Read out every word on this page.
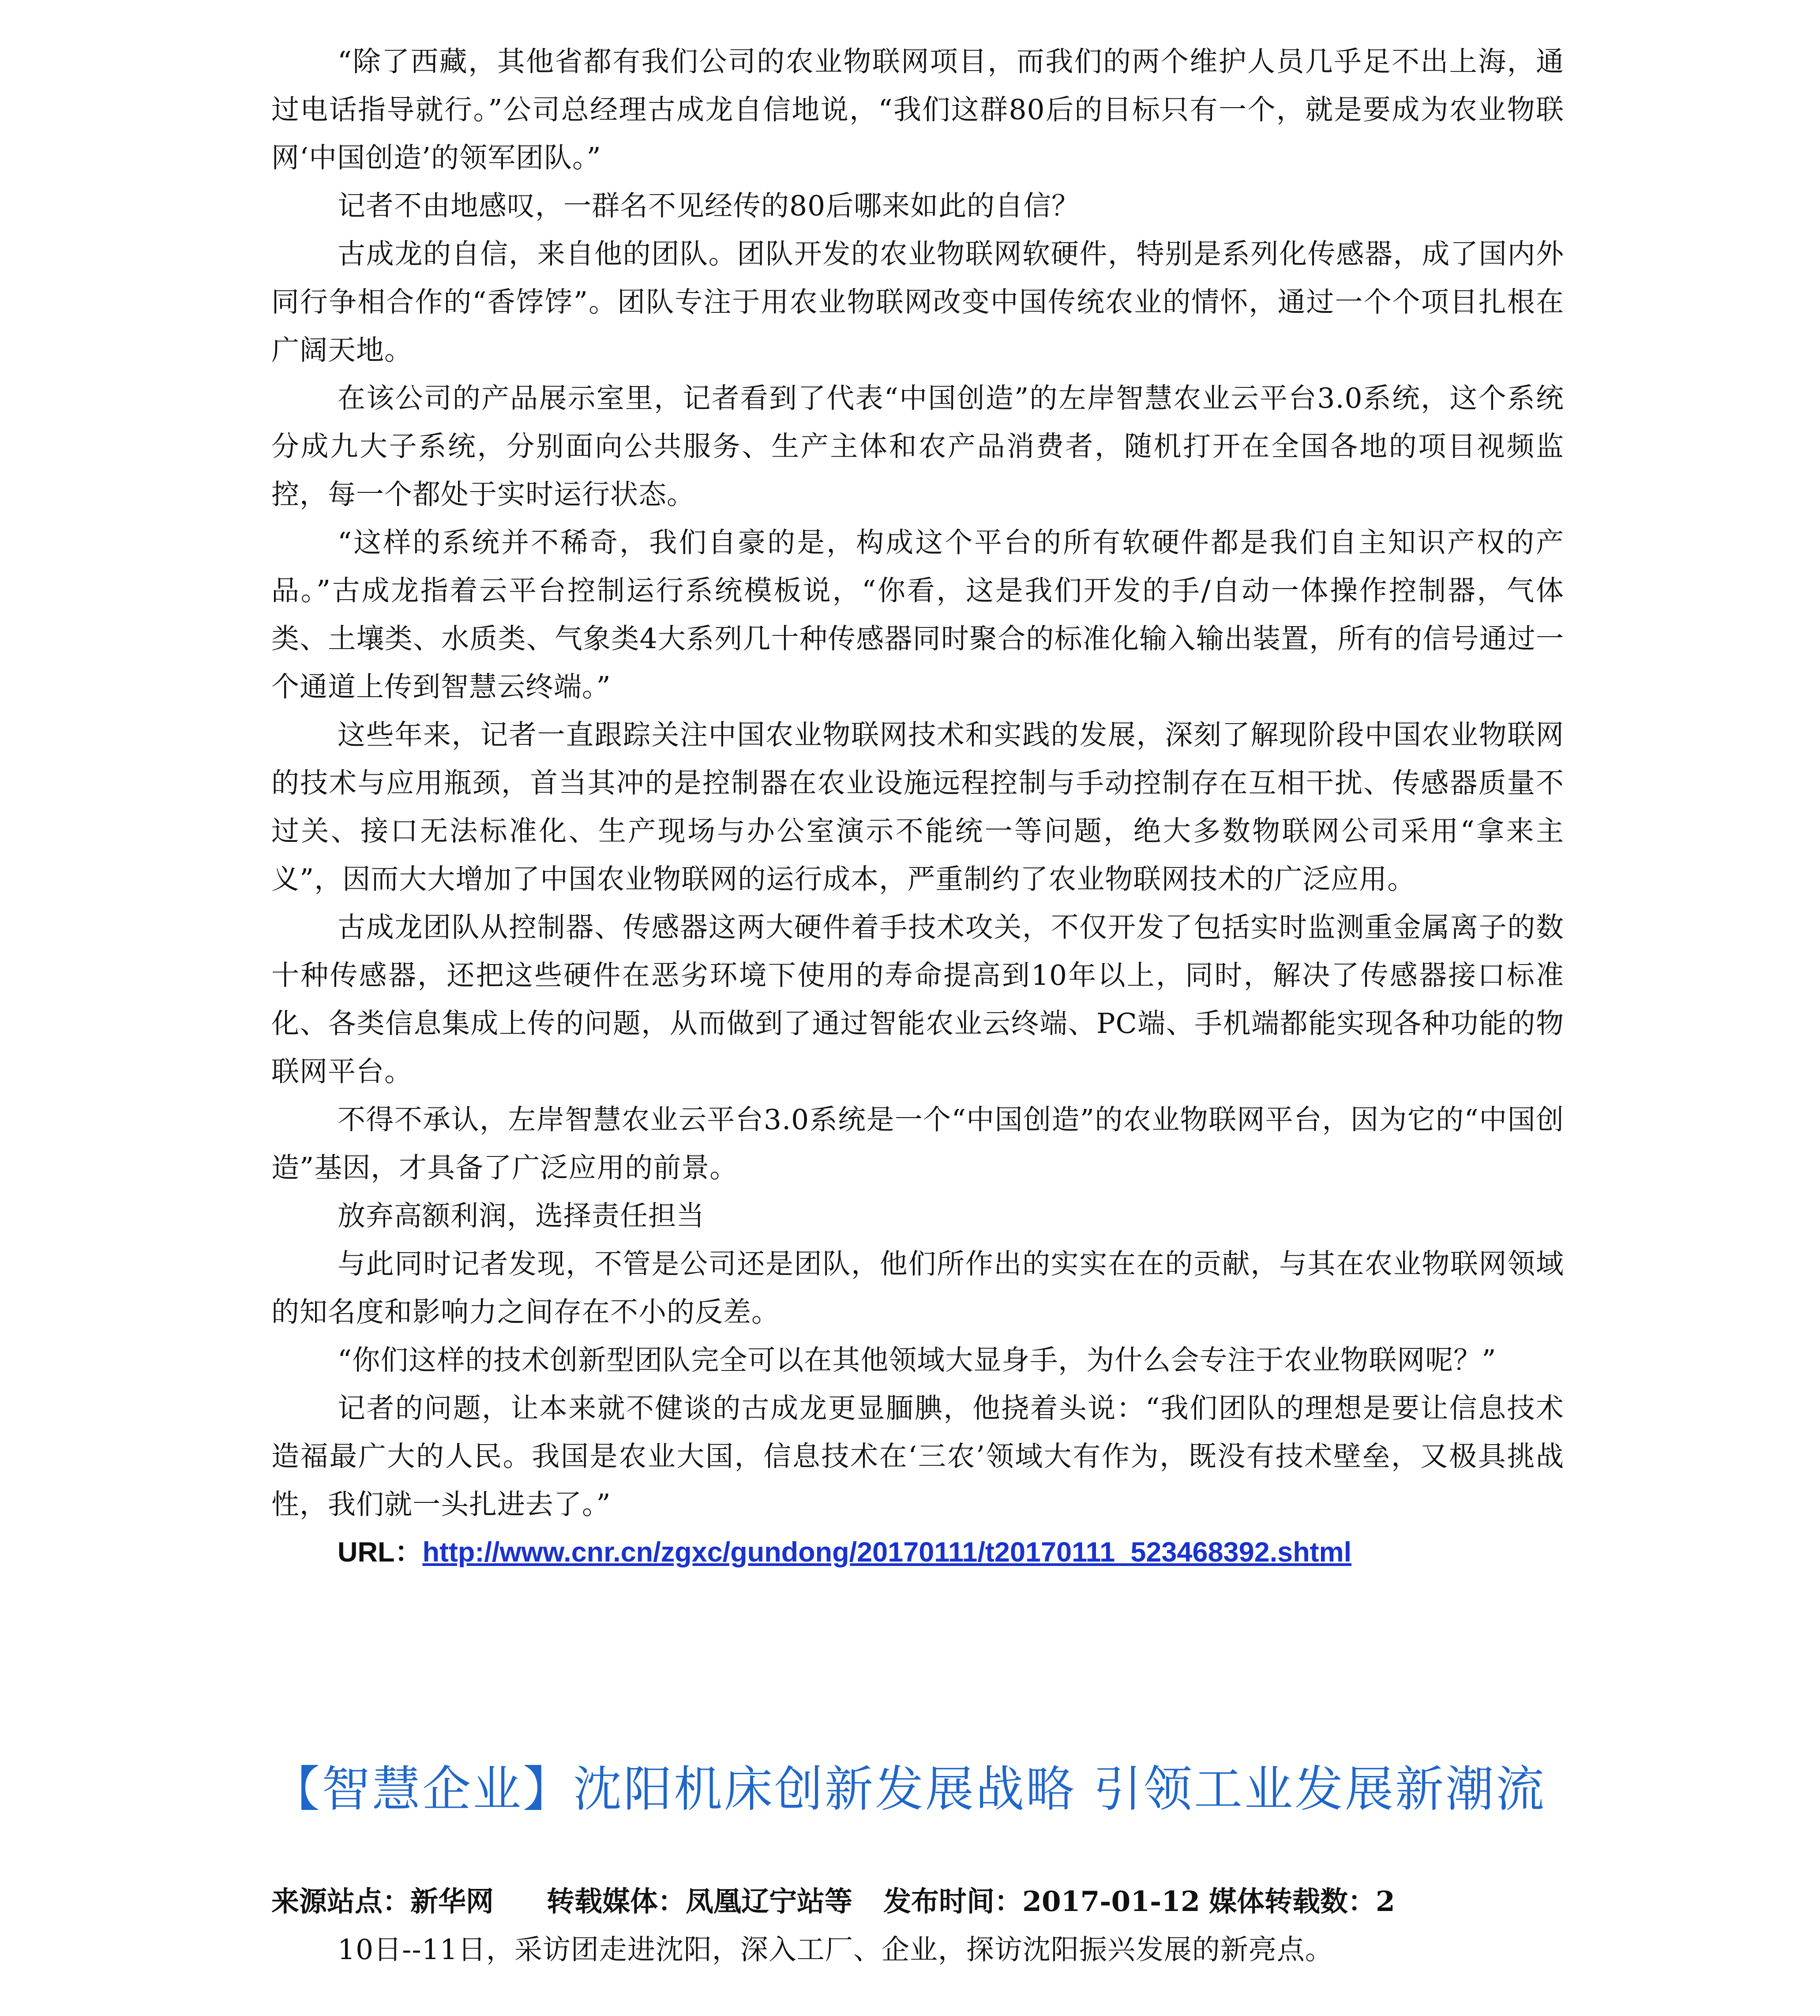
“除了西藏，其他省都有我们公司的农业物联网项目，而我们的两个维护人员几乎足不出上海，通过电话指导就行。”公司总经理古成龙自信地说，“我们这群80后的目标只有一个，就是要成为农业物联网‘中国创造’的领军团队。”

记者不由地感叹，一群名不见经传的80后哪来如此的自信？

古成龙的自信，来自他的团队。团队开发的农业物联网软硬件，特别是系列化传感器，成了国内外同行争相合作的“香饽饽”。团队专注于用农业物联网改变中国传统农业的情怀，通过一个个项目扎根在广阔天地。

在该公司的产品展示室里，记者看到了代表“中国创造”的左岸智慧农业云平台3.0系统，这个系统分成九大子系统，分别面向公共服务、生产主体和农产品消费者，随机打开在全国各地的项目视频监控，每一个都处于实时运行状态。

“这样的系统并不稀奇，我们自豪的是，构成这个平台的所有软硬件都是我们自主知识产权的产品。”古成龙指着云平台控制运行系统模板说，“你看，这是我们开发的手/自动一体操作控制器，气体类、土壤类、水质类、气象类4大系列几十种传感器同时聚合的标准化输入输出装置，所有的信号通过一个通道上传到智慧云终端。”

这些年来，记者一直跟踪关注中国农业物联网技术和实践的发展，深刻了解现阶段中国农业物联网的技术与应用瓶颈，首当其冲的是控制器在农业设施远程控制与手动控制存在互相干扰、传感器质量不过关、接口无法标准化、生产现场与办公室演示不能统一等问题，绝大多数物联网公司采用“拿来主义”，因而大大增加了中国农业物联网的运行成本，严重制约了农业物联网技术的广泛应用。

古成龙团队从控制器、传感器这两大硬件着手技术攻关，不仅开发了包括实时监测重金属离子的数十种传感器，还把这些硬件在恶劣环境下使用的寿命提高到10年以上，同时，解决了传感器接口标准化、各类信息集成上传的问题，从而做到了通过智能农业云终端、PC端、手机端都能实现各种功能的物联网平台。

不得不承认，左岸智慧农业云平台3.0系统是一个“中国创造”的农业物联网平台，因为它的“中国创造”基因，才具备了广泛应用的前景。

放弃高额利润，选择责任担当

与此同时记者发现，不管是公司还是团队，他们所作出的实实在在的贡献，与其在农业物联网领域的知名度和影响力之间存在不小的反差。

“你们这样的技术创新型团队完全可以在其他领域大显身手，为什么会专注于农业物联网呢？”

记者的问题，让本来就不健谈的古成龙更显腼腆，他挠着头说：“我们团队的理想是要让信息技术造福最广大的人民。我国是农业大国，信息技术在‘三农’领域大有作为，既没有技术壁垒，又极具挑战性，我们就一头扎进去了。”

URL：http://www.cnr.cn/zgxc/gundong/20170111/t20170111_523468392.shtml

【智慧企业】沈阳机床创新发展战略 引领工业发展新潮流

来源站点：新华网 转载媒体：凤凰辽宁站等 发布时间：2017-01-12 媒体转载数：2

10日--11日，采访团走进沈阳，深入工厂、企业，探访沈阳振兴发展的新亮点。
